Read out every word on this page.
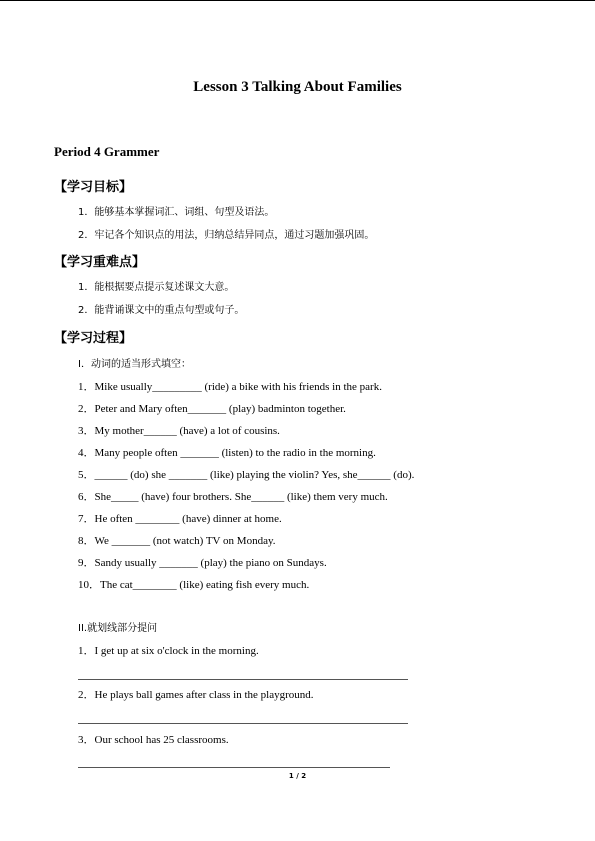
Lesson 3 Talking About Families
Period 4 Grammer
【学习目标】
1．能够基本掌握词汇、词组、句型及语法。
2．牢记各个知识点的用法，归纳总结异同点，通过习题加强巩固。
【学习重难点】
1．能根据要点提示复述课文大意。
2．能背诵课文中的重点句型或句子。
【学习过程】
I．动词的适当形式填空：
1．Mike usually_________ (ride) a bike with his friends in the park.
2．Peter and Mary often_______ (play) badminton together.
3．My mother______ (have) a lot of cousins.
4．Many people often _______ (listen) to the radio in the morning.
5．______ (do) she _______ (like) playing the violin? Yes, she______ (do).
6．She_____ (have) four brothers. She______ (like) them very much.
7．He often ________ (have) dinner at home.
8．We _______ (not watch) TV on Monday.
9．Sandy usually _______ (play) the piano on Sundays.
10．The cat________ (like) eating fish every much.
II.就划线部分提问
1．I get up at six o'clock in the morning.
2．He plays ball games after class in the playground.
3．Our school has 25 classrooms.
1 / 2
